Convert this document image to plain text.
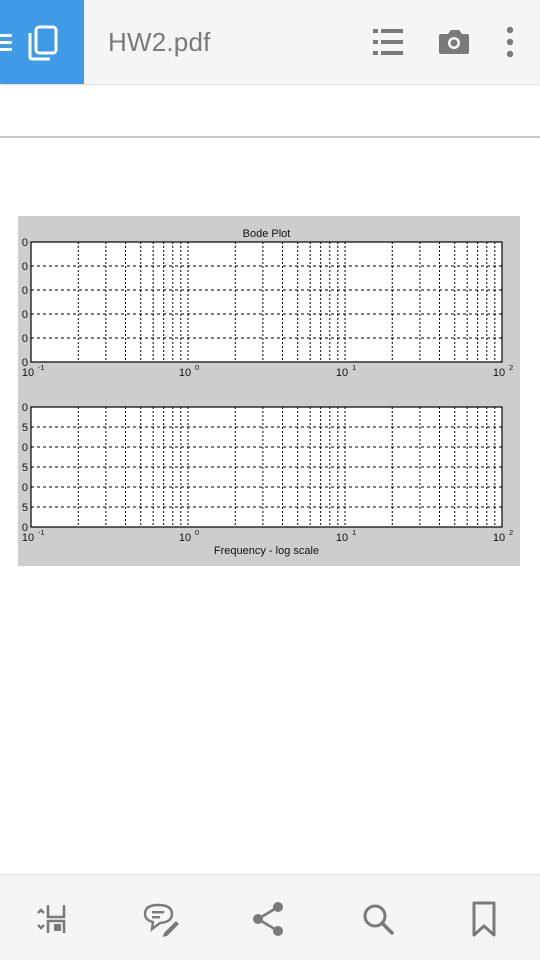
HW2.pdf
0
0
0
0
0
0
10 -1	10 0	10 1	10 2
Bode Plot
0
5
0
5
0
5
0
10 -1	10 0	10 1	10 2
Frequency - log scale
